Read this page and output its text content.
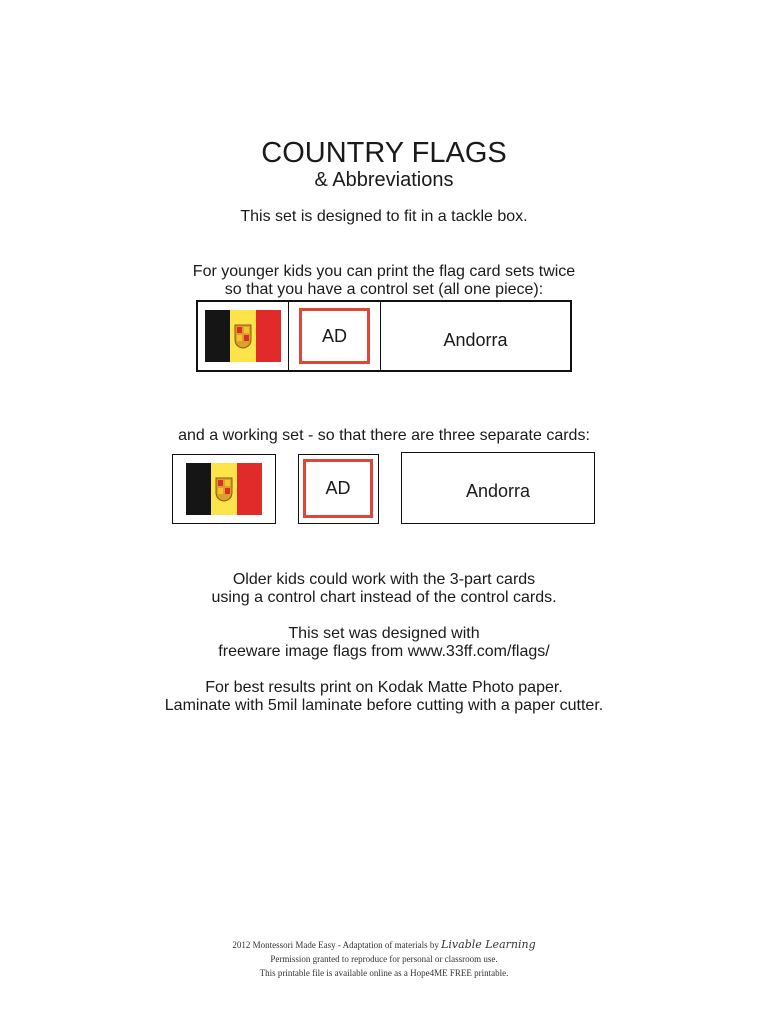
COUNTRY FLAGS
& Abbreviations
This set is designed to fit in a tackle box.
For younger kids you can print the flag card sets twice
so that you have a control set (all one piece):
AD	Andorra
and a working set - so that there are three separate cards:
AD	Andorra
Older kids could work with the 3-part cards
using a control chart instead of the control cards.
This set was designed with
freeware image flags from www.33ff.com/flags/
For best results print on Kodak Matte Photo paper.
Laminate with 5mil laminate before cutting with a paper cutter.
2012 Montessori Made Easy - Adaptation of materials by Livable Learning
Permission granted to reproduce for personal or classroom use.
This printable file is available online as a Hope4ME FREE printable.
